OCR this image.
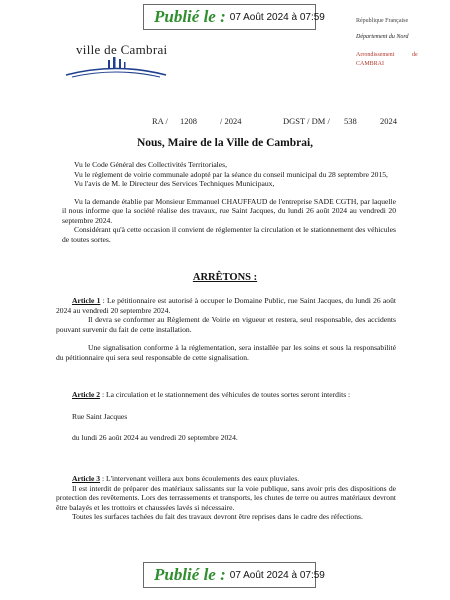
Publié le : 07 Août 2024 à 07:59
ville de Cambrai
République Française
Département du Nord
Arrondissement	de
CAMBRAI
RA / 1208	/ 2024	DGST / DM / 538	2024
Nous, Maire de la Ville de Cambrai,
Vu le Code Général des Collectivités Territoriales,
Vu le règlement de voirie communale adopté par la séance du conseil municipal du 28 septembre 2015,
Vu l'avis de M. le Directeur des Services Techniques Municipaux,
Vu la demande établie par Monsieur Emmanuel CHAUFFAUD de l'entreprise SADE CGTH, par laquelle il nous informe que la société réalise des travaux, rue Saint Jacques, du lundi 26 août 2024 au vendredi 20 septembre 2024.
Considérant qu'à cette occasion il convient de réglementer la circulation et le stationnement des véhicules de toutes sortes.
ARRÊTONS :
Article 1 : Le pétitionnaire est autorisé à occuper le Domaine Public, rue Saint Jacques, du lundi 26 août 2024 au vendredi 20 septembre 2024.
Il devra se conformer au Règlement de Voirie en vigueur et restera, seul responsable, des accidents pouvant survenir du fait de cette installation.
Une signalisation conforme à la réglementation, sera installée par les soins et sous la responsabilité du pétitionnaire qui sera seul responsable de cette signalisation.
Article 2 : La circulation et le stationnement des véhicules de toutes sortes seront interdits :
Rue Saint Jacques
du lundi 26 août 2024 au vendredi 20 septembre 2024.
Article 3 : L'intervenant veillera aux bons écoulements des eaux pluviales.
Il est interdit de préparer des matériaux salissants sur la voie publique, sans avoir pris des dispositions de protection des revêtements. Lors des terrassements et transports, les chutes de terre ou autres matériaux devront être balayés et les trottoirs et chaussées lavés si nécessaire.
Toutes les surfaces tachées du fait des travaux devront être reprises dans le cadre des réfections.
Publié le : 07 Août 2024 à 07:59
